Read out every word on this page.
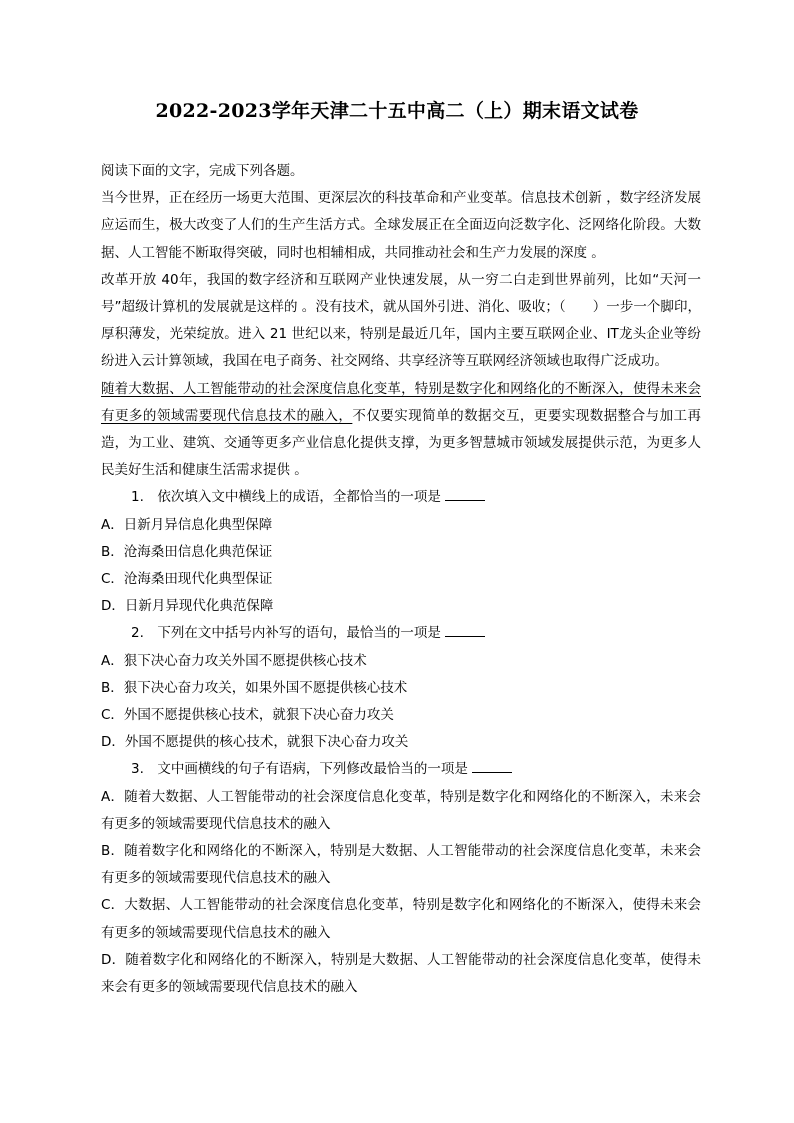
2022-2023学年天津二十五中高二（上）期末语文试卷

阅读下面的文字，完成下列各题。

当今世界，正在经历一场更大范围、更深层次的科技革命和产业变革。信息技术创新 ，数字经济发展应运而生，极大改变了人们的生产生活方式。全球发展正在全面迈向泛数字化、泛网络化阶段。大数据、人工智能不断取得突破，同时也相辅相成，共同推动社会和生产力发展的深度 。

改革开放 40年，我国的数字经济和互联网产业快速发展，从一穷二白走到世界前列，比如“天河一号”超级计算机的发展就是这样的 。没有技术，就从国外引进、消化、吸收；（　　）一步一个脚印，厚积薄发，光荣绽放。进入 21 世纪以来，特别是最近几年，国内主要互联网企业、IT龙头企业等纷纷进入云计算领域，我国在电子商务、社交网络、共享经济等互联网经济领域也取得广泛成功。

随着大数据、人工智能带动的社会深度信息化变革，特别是数字化和网络化的不断深入，使得未来会有更多的领域需要现代信息技术的融入，不仅要实现简单的数据交互，更要实现数据整合与加工再造，为工业、建筑、交通等更多产业信息化提供支撑，为更多智慧城市领域发展提供示范，为更多人民美好生活和健康生活需求提供 。

1.　依次填入文中横线上的成语，全都恰当的一项是

A．日新月异信息化典型保障

B．沧海桑田信息化典范保证

C．沧海桑田现代化典型保证

D．日新月异现代化典范保障

2.　下列在文中括号内补写的语句，最恰当的一项是

A．狠下决心奋力攻关外国不愿提供核心技术

B．狠下决心奋力攻关，如果外国不愿提供核心技术

C．外国不愿提供核心技术，就狠下决心奋力攻关

D．外国不愿提供的核心技术，就狠下决心奋力攻关

3.　文中画横线的句子有语病，下列修改最恰当的一项是

A．随着大数据、人工智能带动的社会深度信息化变革，特别是数字化和网络化的不断深入，未来会有更多的领域需要现代信息技术的融入

B．随着数字化和网络化的不断深入，特别是大数据、人工智能带动的社会深度信息化变革，未来会有更多的领域需要现代信息技术的融入

C．大数据、人工智能带动的社会深度信息化变革，特别是数字化和网络化的不断深入，使得未来会有更多的领域需要现代信息技术的融入

D．随着数字化和网络化的不断深入，特别是大数据、人工智能带动的社会深度信息化变革，使得未来会有更多的领域需要现代信息技术的融入
